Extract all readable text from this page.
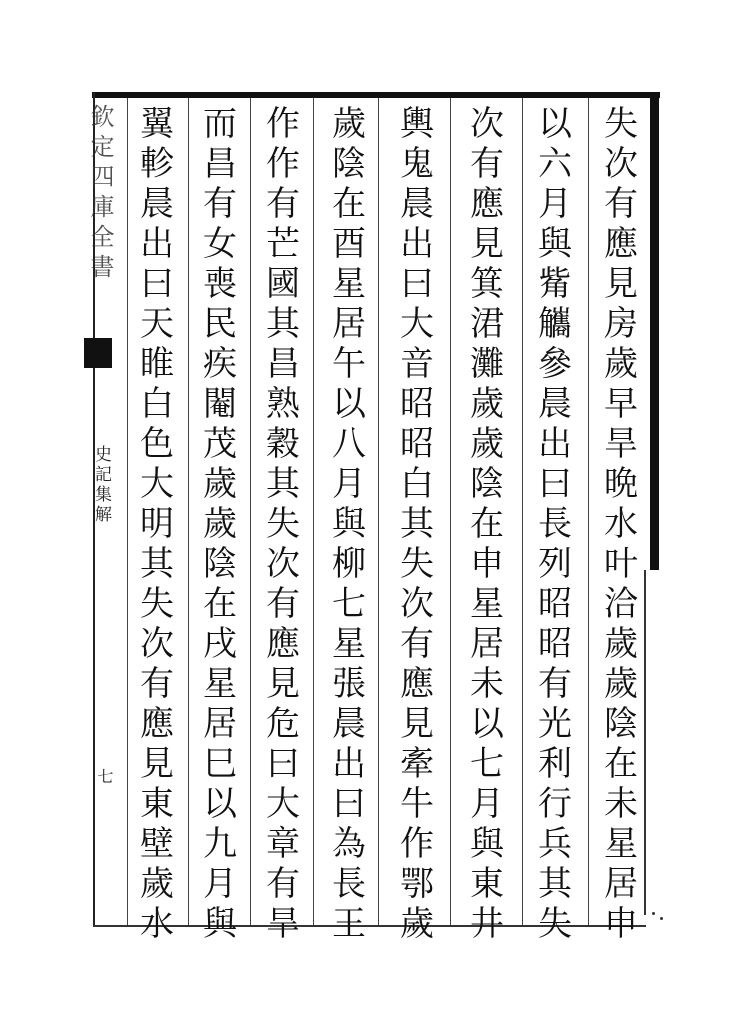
欽定四庫全書
史記集解
七
失
次
有
應
見
房
歲
早
旱
晩
水
叶
洽
歲
歲
陰
在
未
星
居
申
以
六
月
與
觜
觿
參
晨
出
曰
長
列
昭
昭
有
光
利
行
兵
其
失
次
有
應
見
箕
涒
灘
歲
歲
陰
在
申
星
居
未
以
七
月
與
東
井
輿
鬼
晨
出
曰
大
音
昭
昭
白
其
失
次
有
應
見
牽
牛
作
鄂
歲
歲
陰
在
酉
星
居
午
以
八
月
與
柳
七
星
張
晨
出
曰
為
長
王
作
作
有
芒
國
其
昌
熟
穀
其
失
次
有
應
見
危
曰
大
章
有
旱
而
昌
有
女
喪
民
疾
閹
茂
歲
歲
陰
在
戌
星
居
巳
以
九
月
與
翼
軫
晨
出
曰
天
睢
白
色
大
明
其
失
次
有
應
見
東
壁
歲
水
